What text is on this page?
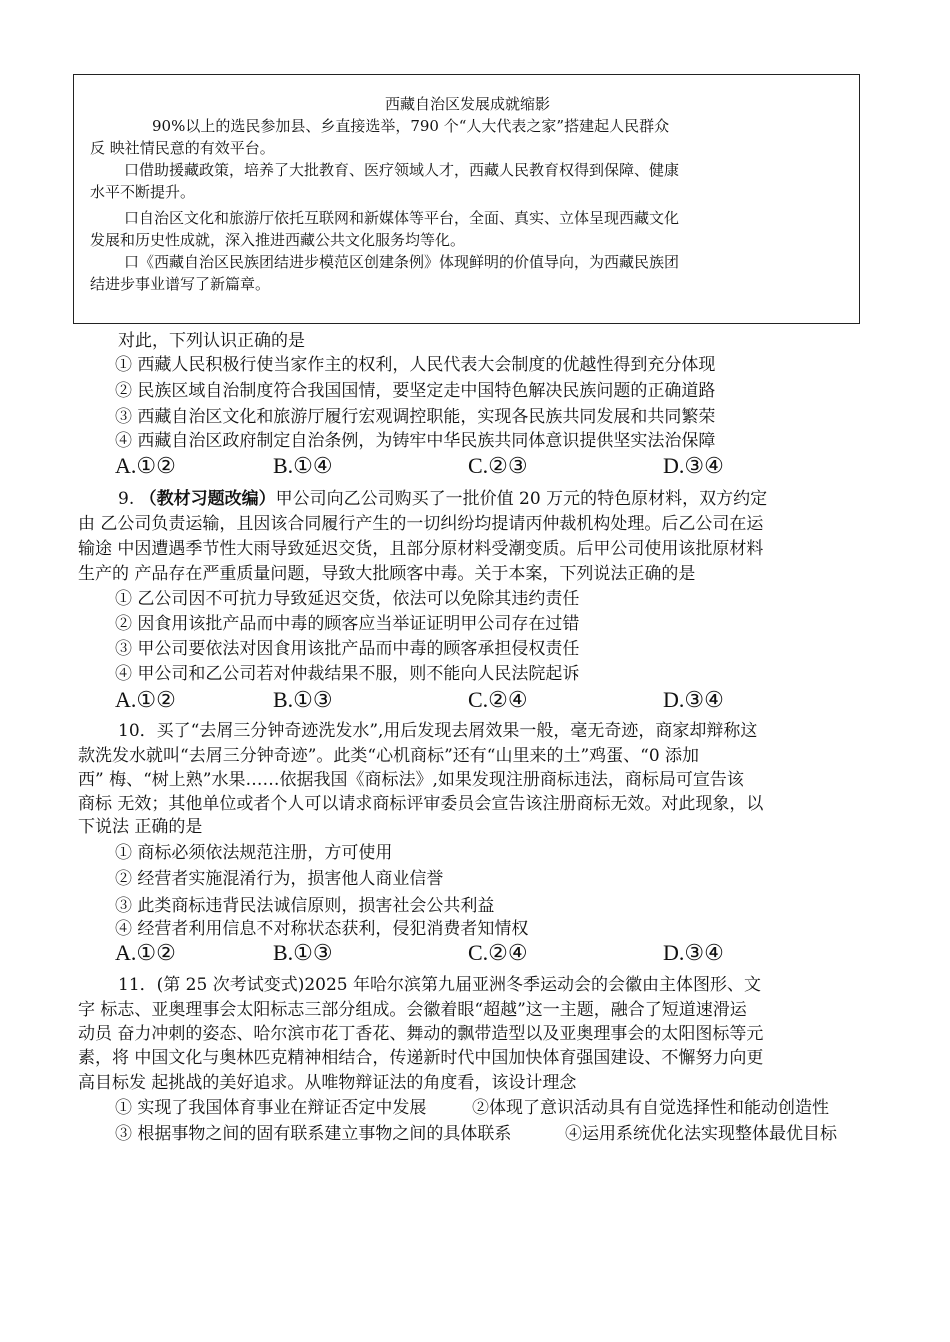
西藏自治区发展成就缩影
90%以上的选民参加县、乡直接选举，790 个“人大代表之家”搭建起人民群众
反 映社情民意的有效平台。
口借助援藏政策，培养了大批教育、医疗领域人才，西藏人民教育权得到保障、健康
水平不断提升。
口自治区文化和旅游厅依托互联网和新媒体等平台，全面、真实、立体呈现西藏文化
发展和历史性成就，深入推进西藏公共文化服务均等化。
口《西藏自治区民族团结进步模范区创建条例》体现鲜明的价值导向，为西藏民族团
结进步事业谱写了新篇章。
对此，下列认识正确的是
① 西藏人民积极行使当家作主的权利，人民代表大会制度的优越性得到充分体现
② 民族区域自治制度符合我国国情，要坚定走中国特色解决民族问题的正确道路
③ 西藏自治区文化和旅游厅履行宏观调控职能，实现各民族共同发展和共同繁荣
④ 西藏自治区政府制定自治条例，为铸牢中华民族共同体意识提供坚实法治保障
A.①②	B.①④	C.②③	D.③④
9. （教材习题改编）甲公司向乙公司购买了一批价值 20 万元的特色原材料，双方约定
由 乙公司负责运输，且因该合同履行产生的一切纠纷均提请丙仲裁机构处理。后乙公司在运
输途 中因遭遇季节性大雨导致延迟交货，且部分原材料受潮变质。后甲公司使用该批原材料
生产的 产品存在严重质量问题，导致大批顾客中毒。关于本案，下列说法正确的是
① 乙公司因不可抗力导致延迟交货，依法可以免除其违约责任
② 因食用该批产品而中毒的顾客应当举证证明甲公司存在过错
③ 甲公司要依法对因食用该批产品而中毒的顾客承担侵权责任
④ 甲公司和乙公司若对仲裁结果不服，则不能向人民法院起诉
A.①②	B.①③	C.②④	D.③④
10．买了“去屑三分钟奇迹洗发水”,用后发现去屑效果一般，毫无奇迹，商家却辩称这
款洗发水就叫“去屑三分钟奇迹”。此类“心机商标”还有“山里来的土”鸡蛋、“0 添加
西” 梅、“树上熟”水果……依据我国《商标法》,如果发现注册商标违法，商标局可宣告该
商标 无效；其他单位或者个人可以请求商标评审委员会宣告该注册商标无效。对此现象，以
下说法 正确的是
① 商标必须依法规范注册，方可使用
② 经营者实施混淆行为，损害他人商业信誉
③ 此类商标违背民法诚信原则，损害社会公共利益
④ 经营者利用信息不对称状态获利，侵犯消费者知情权
A.①②	B.①③	C.②④	D.③④
11．(第 25 次考试变式)2025 年哈尔滨第九届亚洲冬季运动会的会徽由主体图形、文
字 标志、亚奥理事会太阳标志三部分组成。会徽着眼“超越”这一主题，融合了短道速滑运
动员 奋力冲刺的姿态、哈尔滨市花丁香花、舞动的飘带造型以及亚奥理事会的太阳图标等元
素，将 中国文化与奥林匹克精神相结合，传递新时代中国加快体育强国建设、不懈努力向更
高目标发 起挑战的美好追求。从唯物辩证法的角度看，该设计理念
① 实现了我国体育事业在辩证否定中发展	②体现了意识活动具有自觉选择性和能动创造性
③ 根据事物之间的固有联系建立事物之间的具体联系	④运用系统优化法实现整体最优目标
